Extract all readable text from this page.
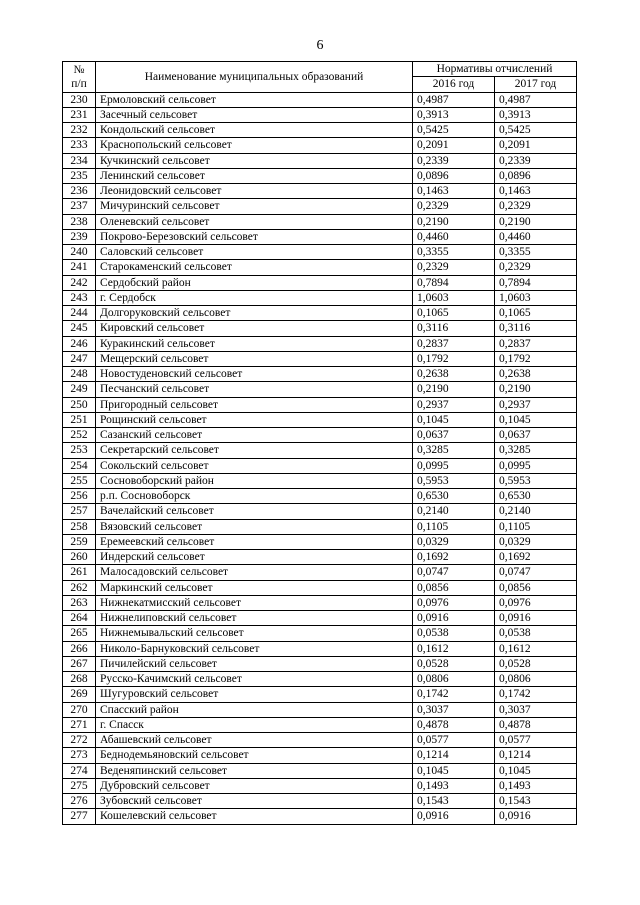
6
№
п/п	Наименование муниципальных образований	Нормативы отчислений	
		2016 год	2017 год
230	Ермоловский сельсовет	0,4987	0,4987
231	Засечный сельсовет	0,3913	0,3913
232	Кондольский сельсовет	0,5425	0,5425
233	Краснопольский сельсовет	0,2091	0,2091
234	Кучкинский сельсовет	0,2339	0,2339
235	Ленинский сельсовет	0,0896	0,0896
236	Леонидовский сельсовет	0,1463	0,1463
237	Мичуринский сельсовет	0,2329	0,2329
238	Оленевский сельсовет	0,2190	0,2190
239	Покрово-Березовский сельсовет	0,4460	0,4460
240	Саловский сельсовет	0,3355	0,3355
241	Старокаменский сельсовет	0,2329	0,2329
242	Сердобский район	0,7894	0,7894
243	г. Сердобск	1,0603	1,0603
244	Долгоруковский сельсовет	0,1065	0,1065
245	Кировский сельсовет	0,3116	0,3116
246	Куракинский сельсовет	0,2837	0,2837
247	Мещерский сельсовет	0,1792	0,1792
248	Новостуденовский сельсовет	0,2638	0,2638
249	Песчанский сельсовет	0,2190	0,2190
250	Пригородный сельсовет	0,2937	0,2937
251	Рощинский сельсовет	0,1045	0,1045
252	Сазанский сельсовет	0,0637	0,0637
253	Секретарский сельсовет	0,3285	0,3285
254	Сокольский сельсовет	0,0995	0,0995
255	Сосновоборский район	0,5953	0,5953
256	р.п. Сосновоборск	0,6530	0,6530
257	Вачелайский сельсовет	0,2140	0,2140
258	Вязовский сельсовет	0,1105	0,1105
259	Еремеевский сельсовет	0,0329	0,0329
260	Индерский сельсовет	0,1692	0,1692
261	Малосадовский сельсовет	0,0747	0,0747
262	Маркинский сельсовет	0,0856	0,0856
263	Нижнекатмисский сельсовет	0,0976	0,0976
264	Нижнелиповский сельсовет	0,0916	0,0916
265	Нижнемывальский сельсовет	0,0538	0,0538
266	Николо-Барнуковский сельсовет	0,1612	0,1612
267	Пичилейский сельсовет	0,0528	0,0528
268	Русско-Качимский сельсовет	0,0806	0,0806
269	Шугуровский сельсовет	0,1742	0,1742
270	Спасский район	0,3037	0,3037
271	г. Спасск	0,4878	0,4878
272	Абашевский сельсовет	0,0577	0,0577
273	Беднодемьяновский сельсовет	0,1214	0,1214
274	Веденяпинский сельсовет	0,1045	0,1045
275	Дубровский сельсовет	0,1493	0,1493
276	Зубовский сельсовет	0,1543	0,1543
277	Кошелевский сельсовет	0,0916	0,0916
